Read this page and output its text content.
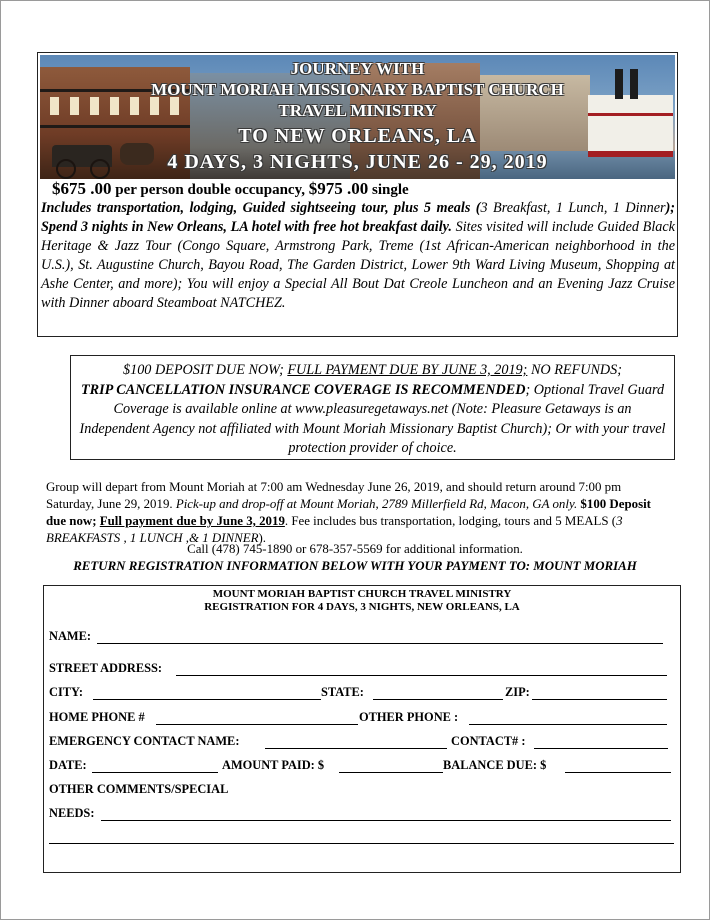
JOURNEY WITH
MOUNT MORIAH MISSIONARY BAPTIST CHURCH
TRAVEL MINISTRY
TO NEW ORLEANS, LA
4 DAYS, 3 NIGHTS, JUNE 26 - 29, 2019
$675 .00 per person double occupancy, $975 .00 single
Includes transportation, lodging, Guided sightseeing tour, plus 5 meals (3 Breakfast, 1 Lunch, 1 Dinner); Spend 3 nights in New Orleans, LA hotel with free hot breakfast daily. Sites visited will include Guided Black Heritage & Jazz Tour (Congo Square, Armstrong Park, Treme (1st African-American neighborhood in the U.S.), St. Augustine Church, Bayou Road, The Garden District, Lower 9th Ward Living Museum, Shopping at Ashe Center, and more); You will enjoy a Special All Bout Dat Creole Luncheon and an Evening Jazz Cruise with Dinner aboard Steamboat NATCHEZ.
$100 DEPOSIT DUE NOW; FULL PAYMENT DUE BY JUNE 3, 2019; NO REFUNDS;
TRIP CANCELLATION INSURANCE COVERAGE IS RECOMMENDED; Optional Travel Guard Coverage is available online at www.pleasuregetaways.net (Note: Pleasure Getaways is an Independent Agency not affiliated with Mount Moriah Missionary Baptist Church); Or with your travel protection provider of choice.
Group will depart from Mount Moriah at 7:00 am Wednesday June 26, 2019, and should return around 7:00 pm Saturday, June 29, 2019. Pick-up and drop-off at Mount Moriah, 2789 Millerfield Rd, Macon, GA only. $100 Deposit due now; Full payment due by June 3, 2019. Fee includes bus transportation, lodging, tours and 5 MEALS (3 BREAKFASTS , 1 LUNCH ,& 1 DINNER).
Call (478) 745-1890 or 678-357-5569 for additional information.
RETURN REGISTRATION INFORMATION BELOW WITH YOUR PAYMENT TO: MOUNT MORIAH
MOUNT MORIAH BAPTIST CHURCH TRAVEL MINISTRY
REGISTRATION FOR 4 DAYS, 3 NIGHTS, NEW ORLEANS, LA
NAME:
STREET ADDRESS:
CITY:	STATE:	ZIP:
HOME PHONE #	OTHER PHONE :
EMERGENCY CONTACT NAME:	CONTACT# :
DATE:	AMOUNT PAID: $	BALANCE DUE: $
OTHER COMMENTS/SPECIAL
NEEDS:
